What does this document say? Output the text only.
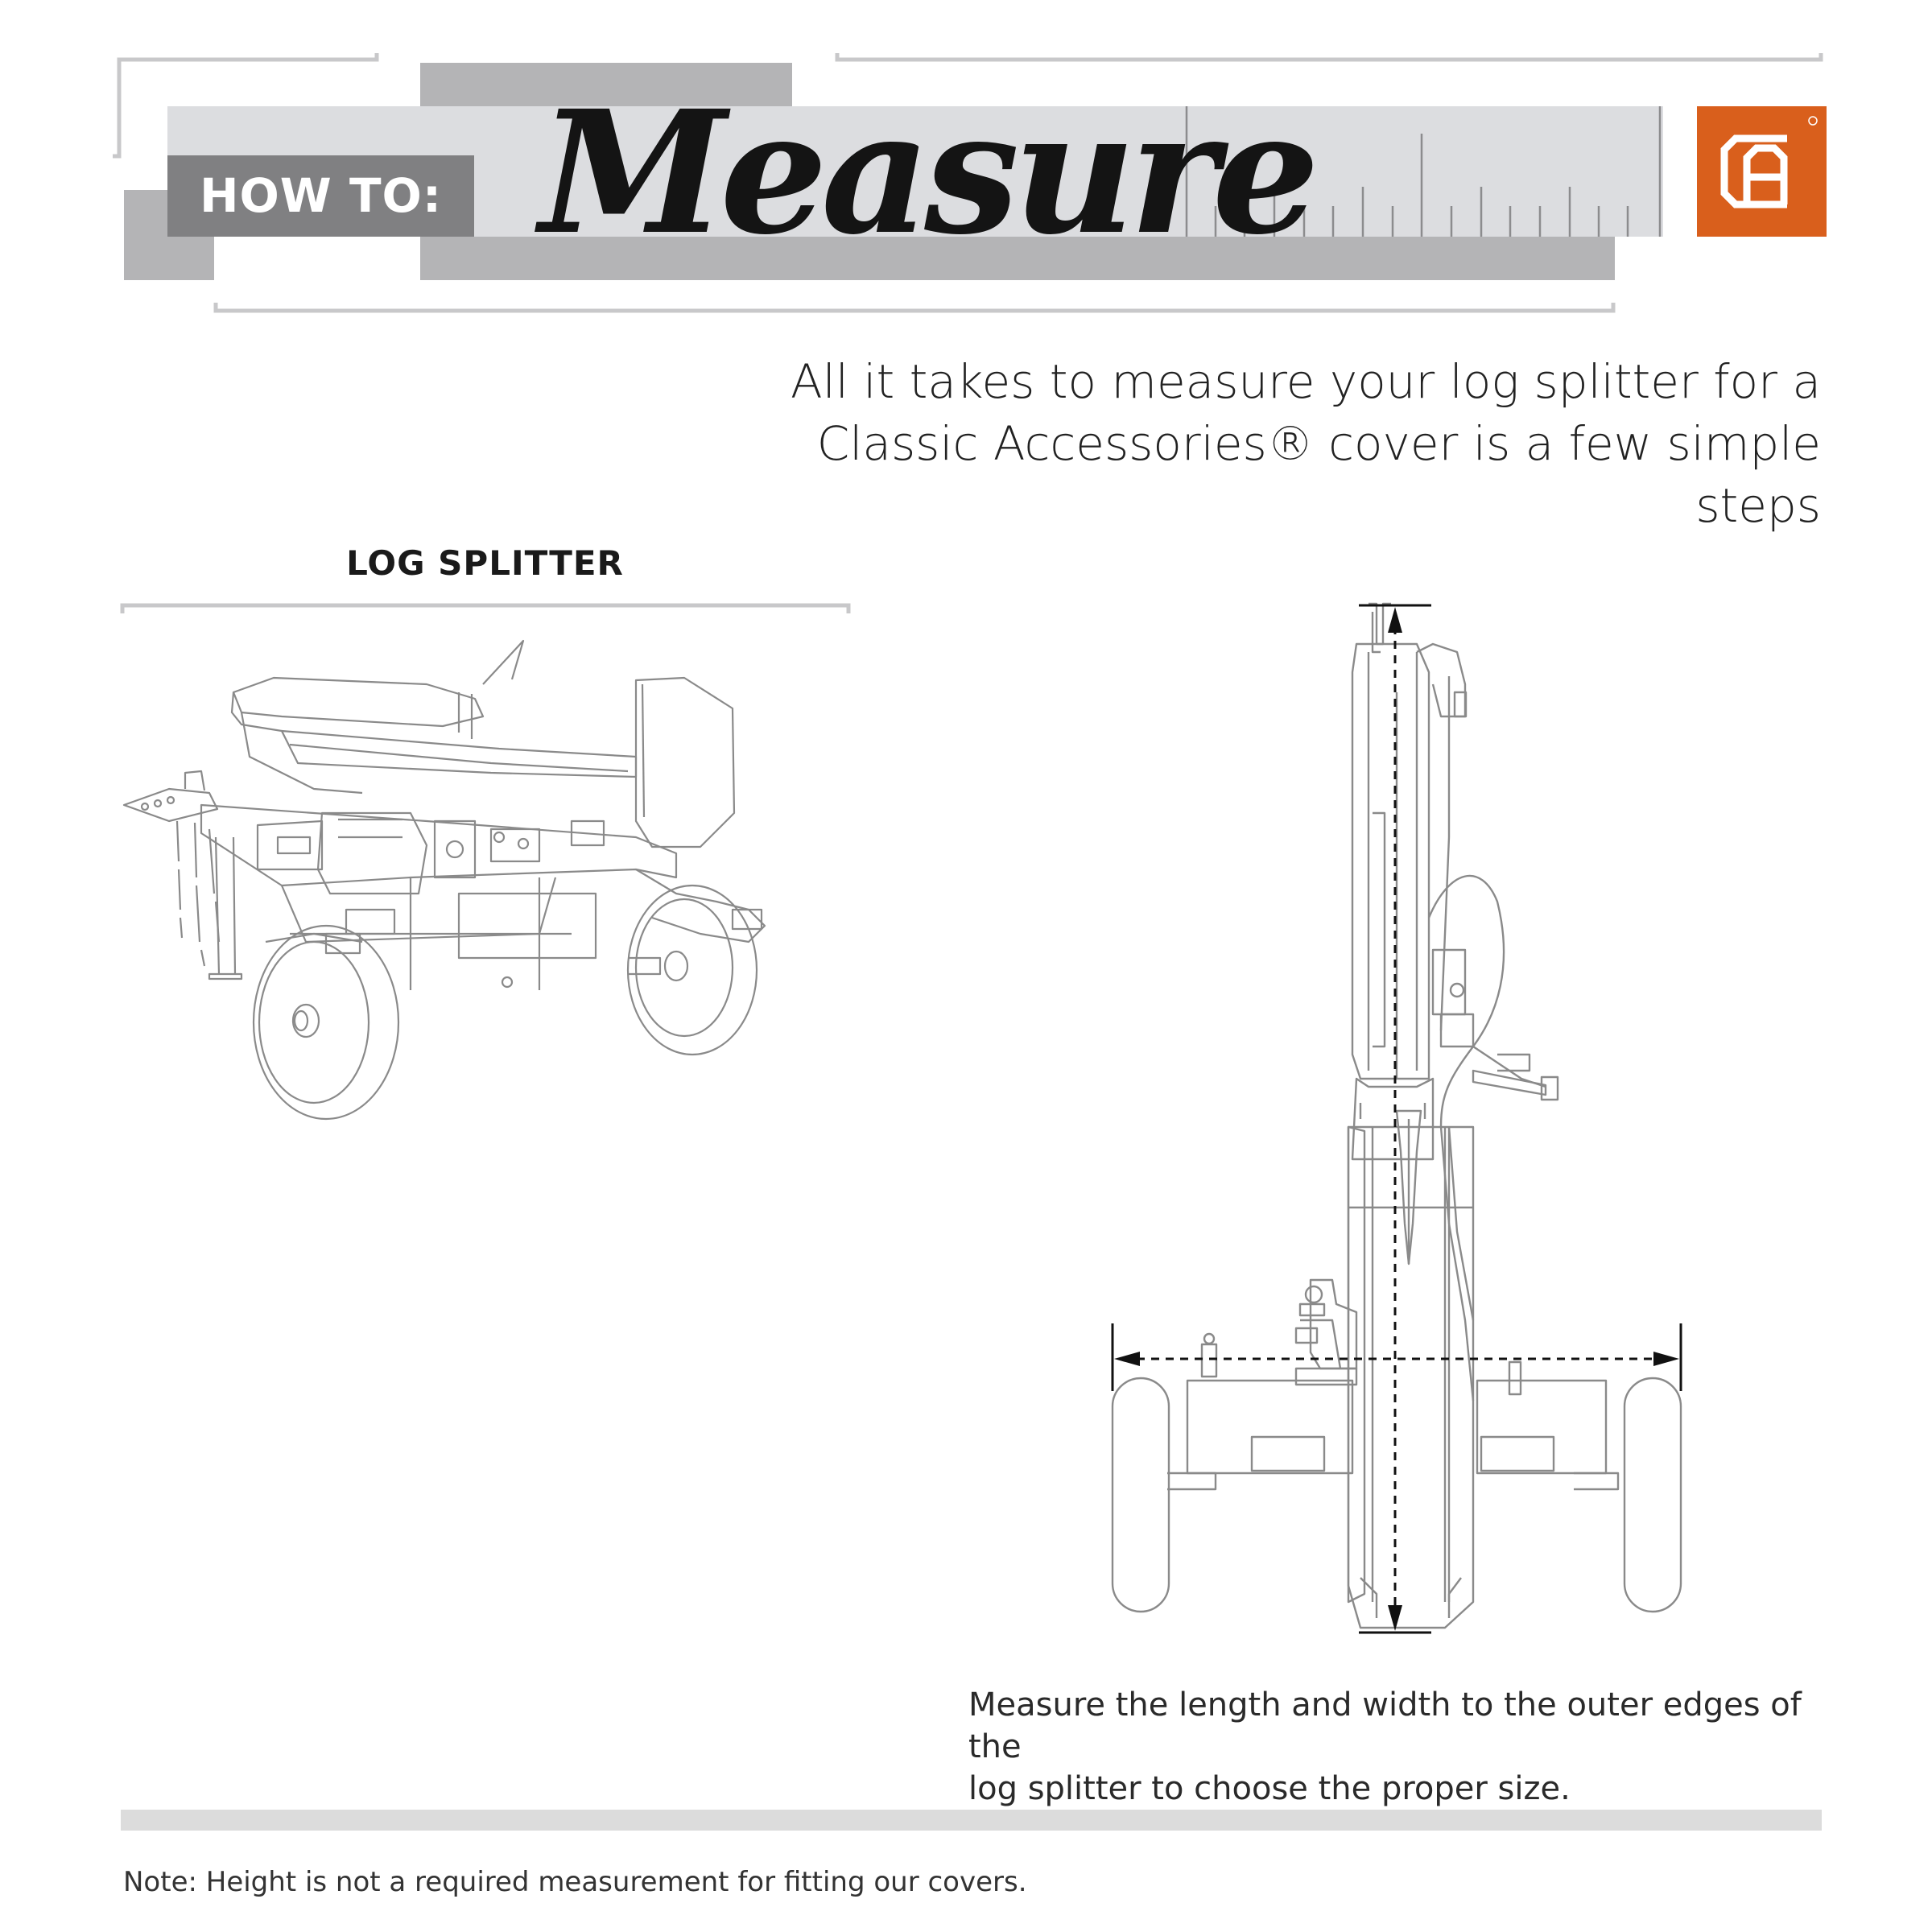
HOW TO: Measure
All it takes to measure your log splitter for a
Classic Accessories® cover is a few simple steps
LOG SPLITTER
Measure the length and width to the outer edges of the
log splitter to choose the proper size.
Note: Height is not a required measurement for fitting our covers.
